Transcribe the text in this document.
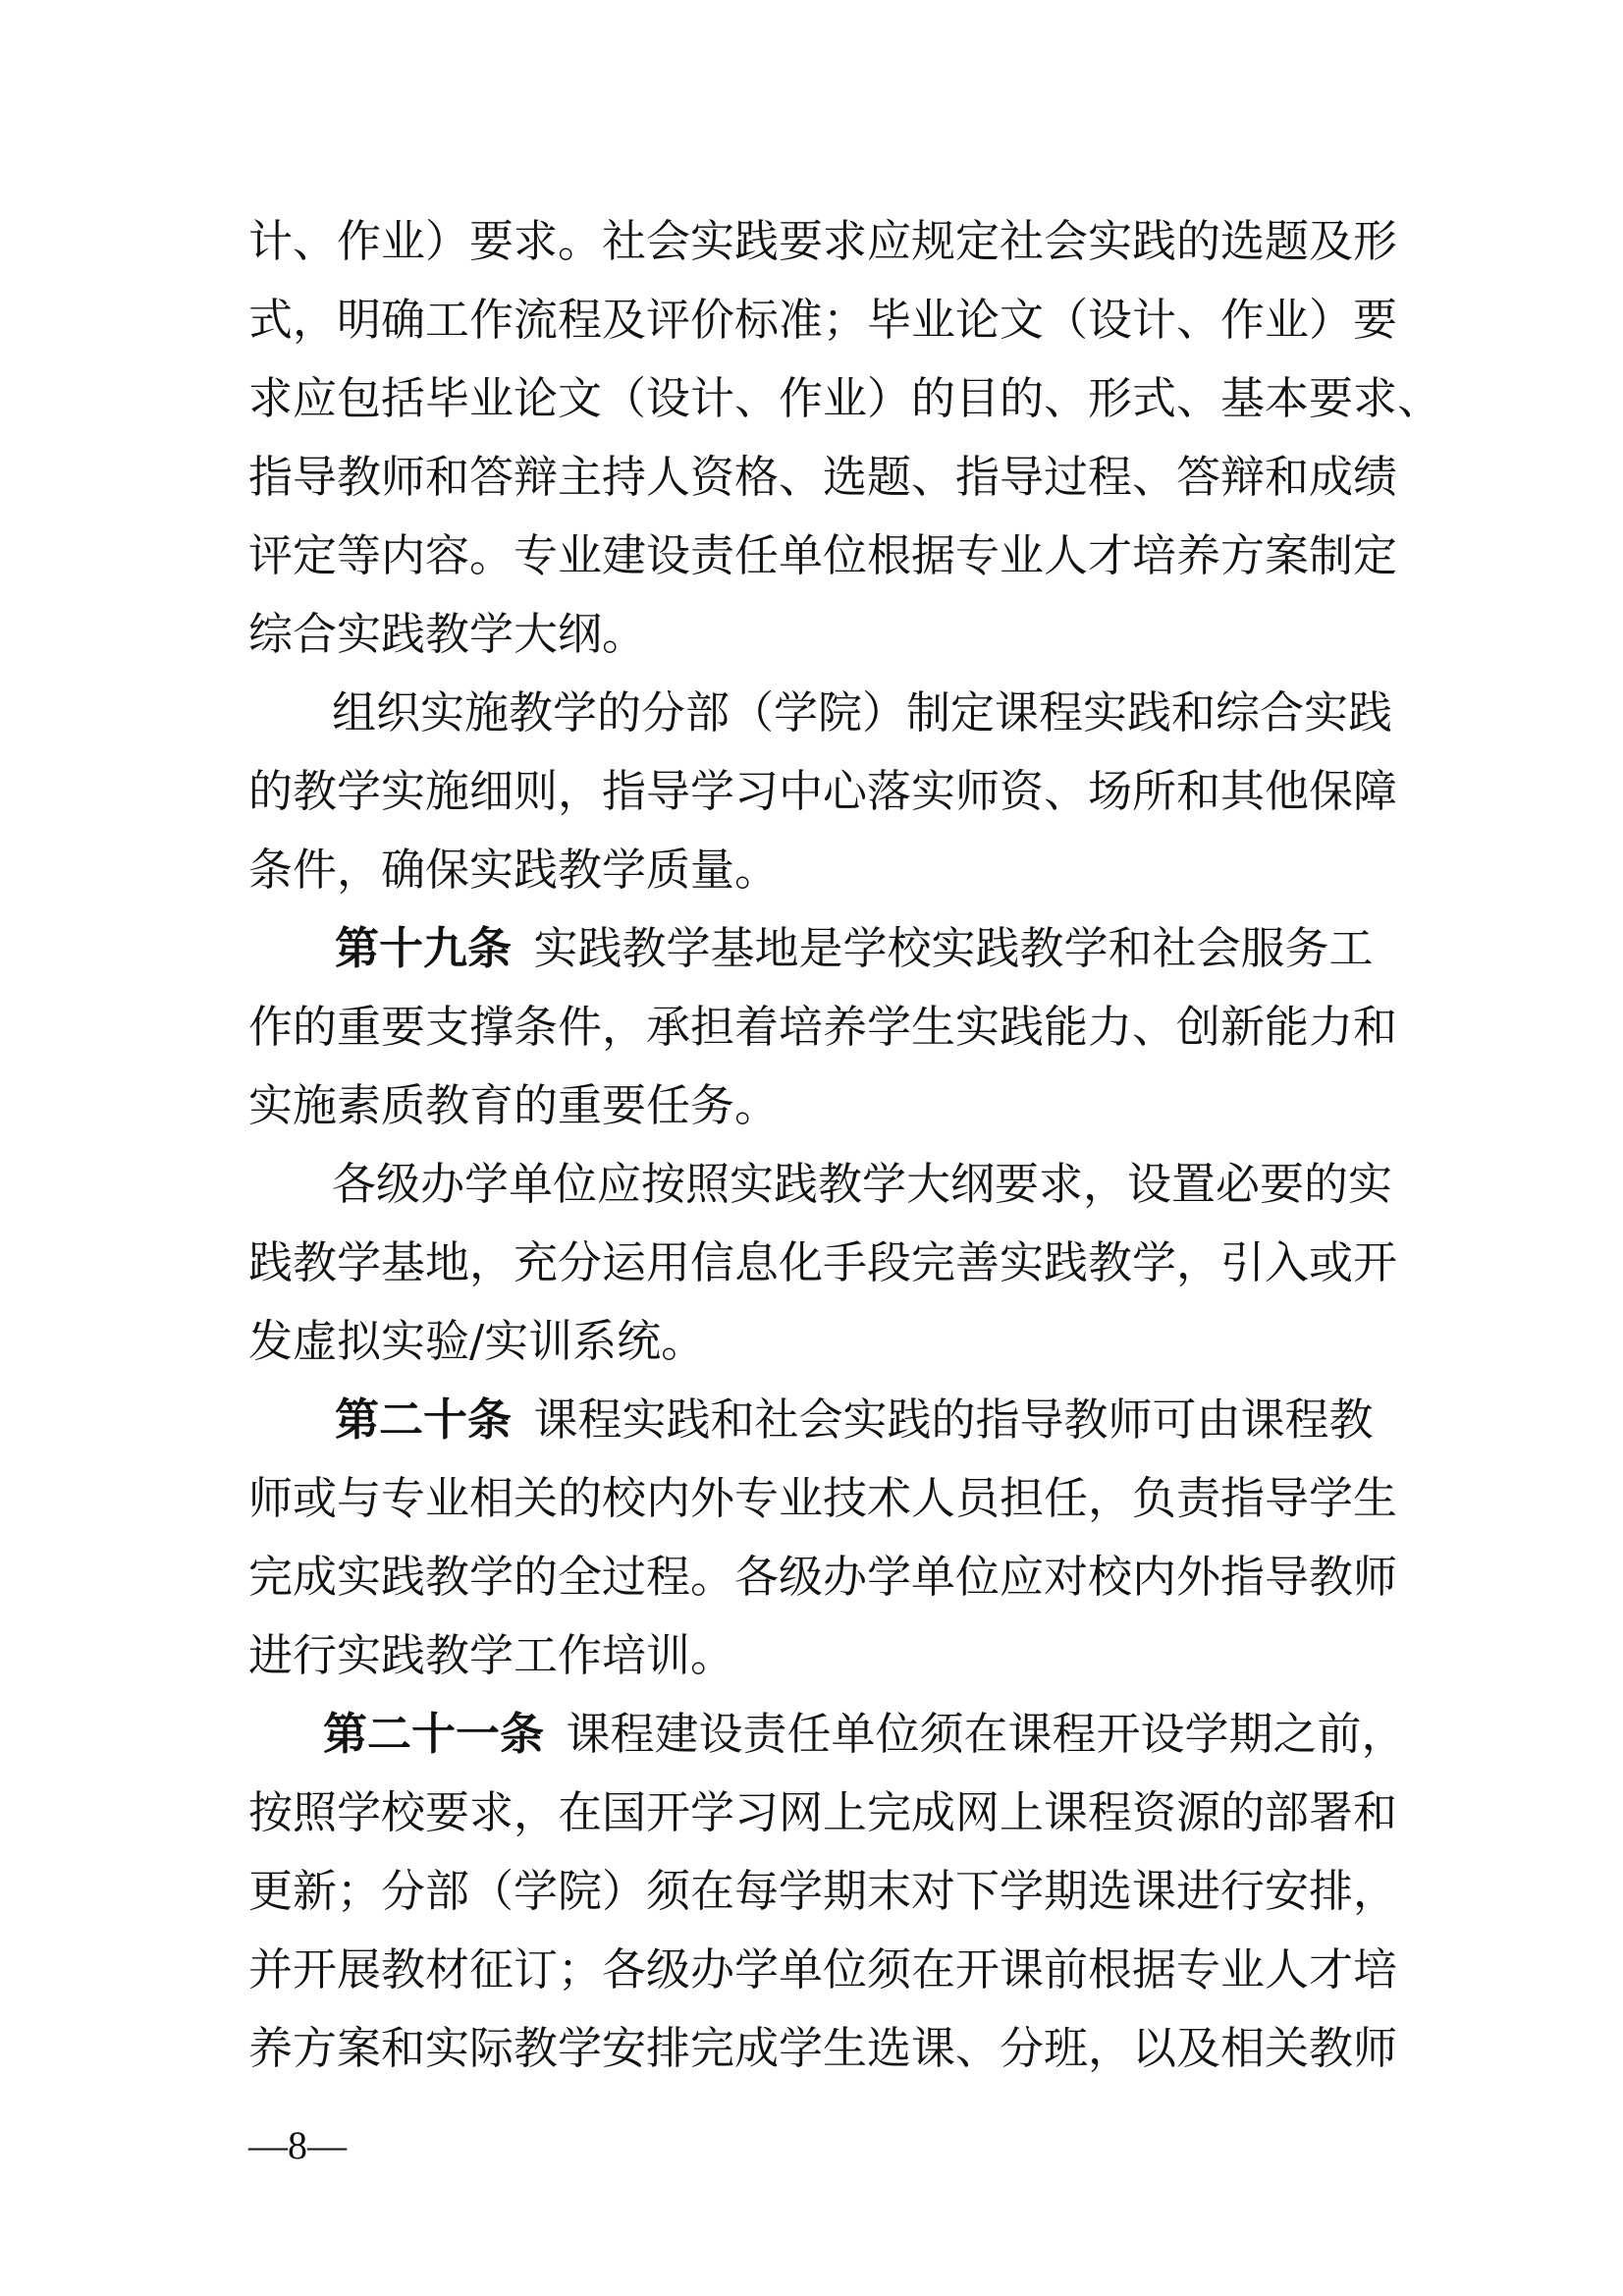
计、作业）要求。社会实践要求应规定社会实践的选题及形
式，明确工作流程及评价标准；毕业论文（设计、作业）要
求应包括毕业论文（设计、作业）的目的、形式、基本要求、
指导教师和答辩主持人资格、选题、指导过程、答辩和成绩
评定等内容。专业建设责任单位根据专业人才培养方案制定
综合实践教学大纲。
组织实施教学的分部（学院）制定课程实践和综合实践
的教学实施细则，指导学习中心落实师资、场所和其他保障
条件，确保实践教学质量。
第十九条  实践教学基地是学校实践教学和社会服务工
作的重要支撑条件，承担着培养学生实践能力、创新能力和
实施素质教育的重要任务。
各级办学单位应按照实践教学大纲要求，设置必要的实
践教学基地，充分运用信息化手段完善实践教学，引入或开
发虚拟实验/实训系统。
第二十条  课程实践和社会实践的指导教师可由课程教
师或与专业相关的校内外专业技术人员担任，负责指导学生
完成实践教学的全过程。各级办学单位应对校内外指导教师
进行实践教学工作培训。
第二十一条  课程建设责任单位须在课程开设学期之前，
按照学校要求，在国开学习网上完成网上课程资源的部署和
更新；分部（学院）须在每学期末对下学期选课进行安排，
并开展教材征订；各级办学单位须在开课前根据专业人才培
养方案和实际教学安排完成学生选课、分班，以及相关教师
—8—
